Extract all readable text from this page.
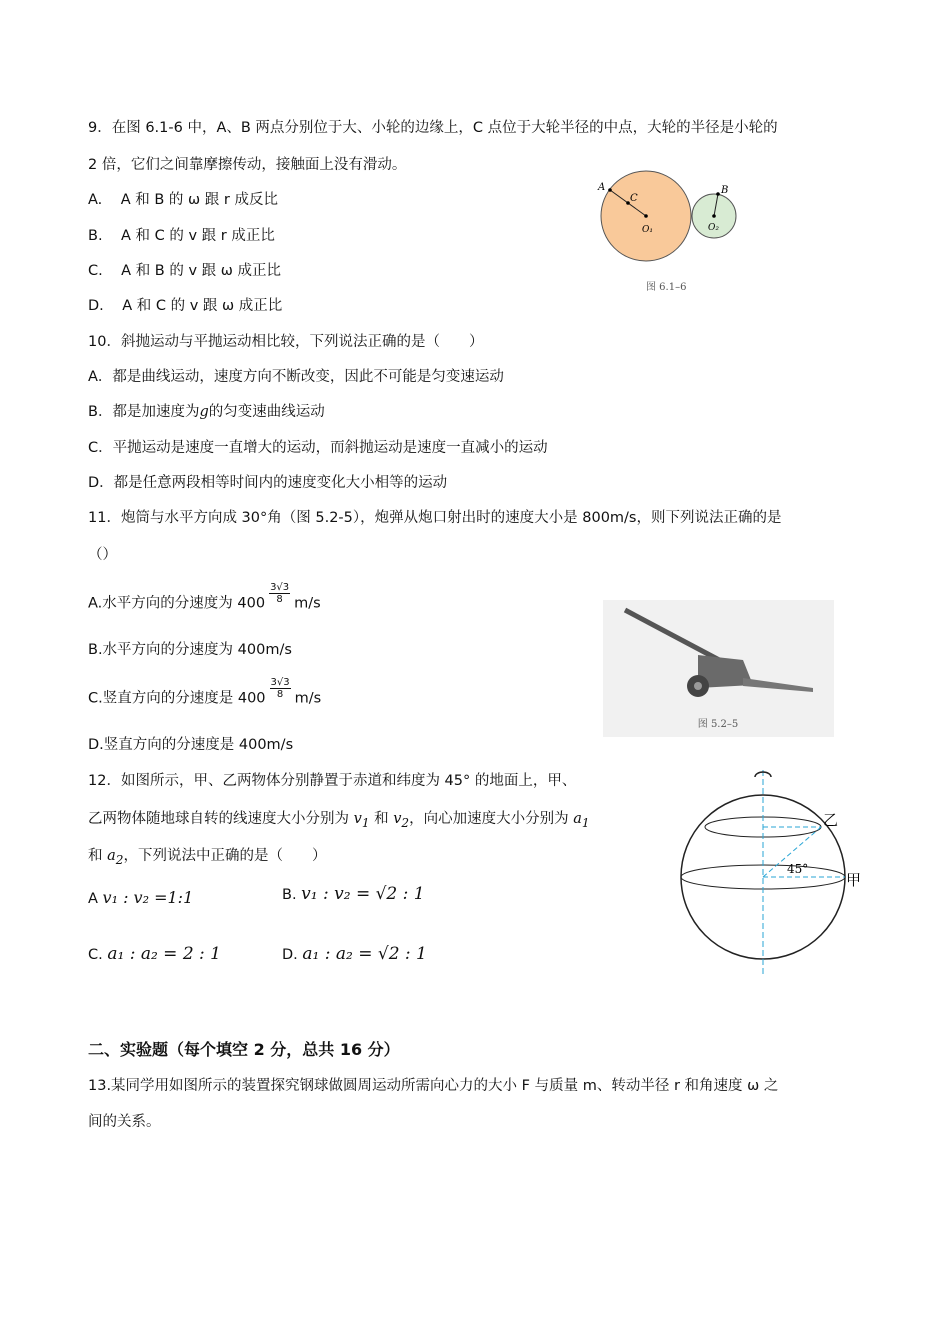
9．在图 6.1-6 中，A、B 两点分别位于大、小轮的边缘上，C 点位于大轮半径的中点，大轮的半径是小轮的
2 倍，它们之间靠摩擦传动，接触面上没有滑动。
A.    A 和 B 的 ω 跟 r 成反比
B.    A 和 C 的 v 跟 r 成正比
C.    A 和 B 的 v 跟 ω 成正比
D.    A 和 C 的 v 跟 ω 成正比
A
C
O₁
B
O₂
图 6.1–6
10．斜抛运动与平抛运动相比较，下列说法正确的是（　　）
A．都是曲线运动，速度方向不断改变，因此不可能是匀变速运动
B．都是加速度为g的匀变速曲线运动
C．平抛运动是速度一直增大的运动，而斜抛运动是速度一直减小的运动
D．都是任意两段相等时间内的速度变化大小相等的运动
11．炮筒与水平方向成 30°角（图 5.2-5），炮弹从炮口射出时的速度大小是 800m/s，则下列说法正确的是
（）
A.水平方向的分速度为 $400 \frac{3√3}{8} m/s$
B.水平方向的分速度为 400m/s
C.竖直方向的分速度是 $400 \frac{3√3}{8} m/s$
D.竖直方向的分速度是 400m/s
图 5.2–5
12．如图所示，甲、乙两物体分别静置于赤道和纬度为 45° 的地面上，甲、
乙两物体随地球自转的线速度大小分别为 $v_1$ 和 $v_2$，向心加速度大小分别为 $a_1$
和 $a_2$，下列说法中正确的是（　　）
A v₁ : v₂ =1:1	B. v₁ : v₂ = √2 : 1
C. a₁ : a₂ = 2 : 1	D. a₁ : a₂ = √2 : 1
乙
甲
45°
二、实验题（每个填空 2 分，总共 16 分）
13.某同学用如图所示的装置探究钢球做圆周运动所需向心力的大小 F 与质量 m、转动半径 r 和角速度 ω 之
间的关系。
